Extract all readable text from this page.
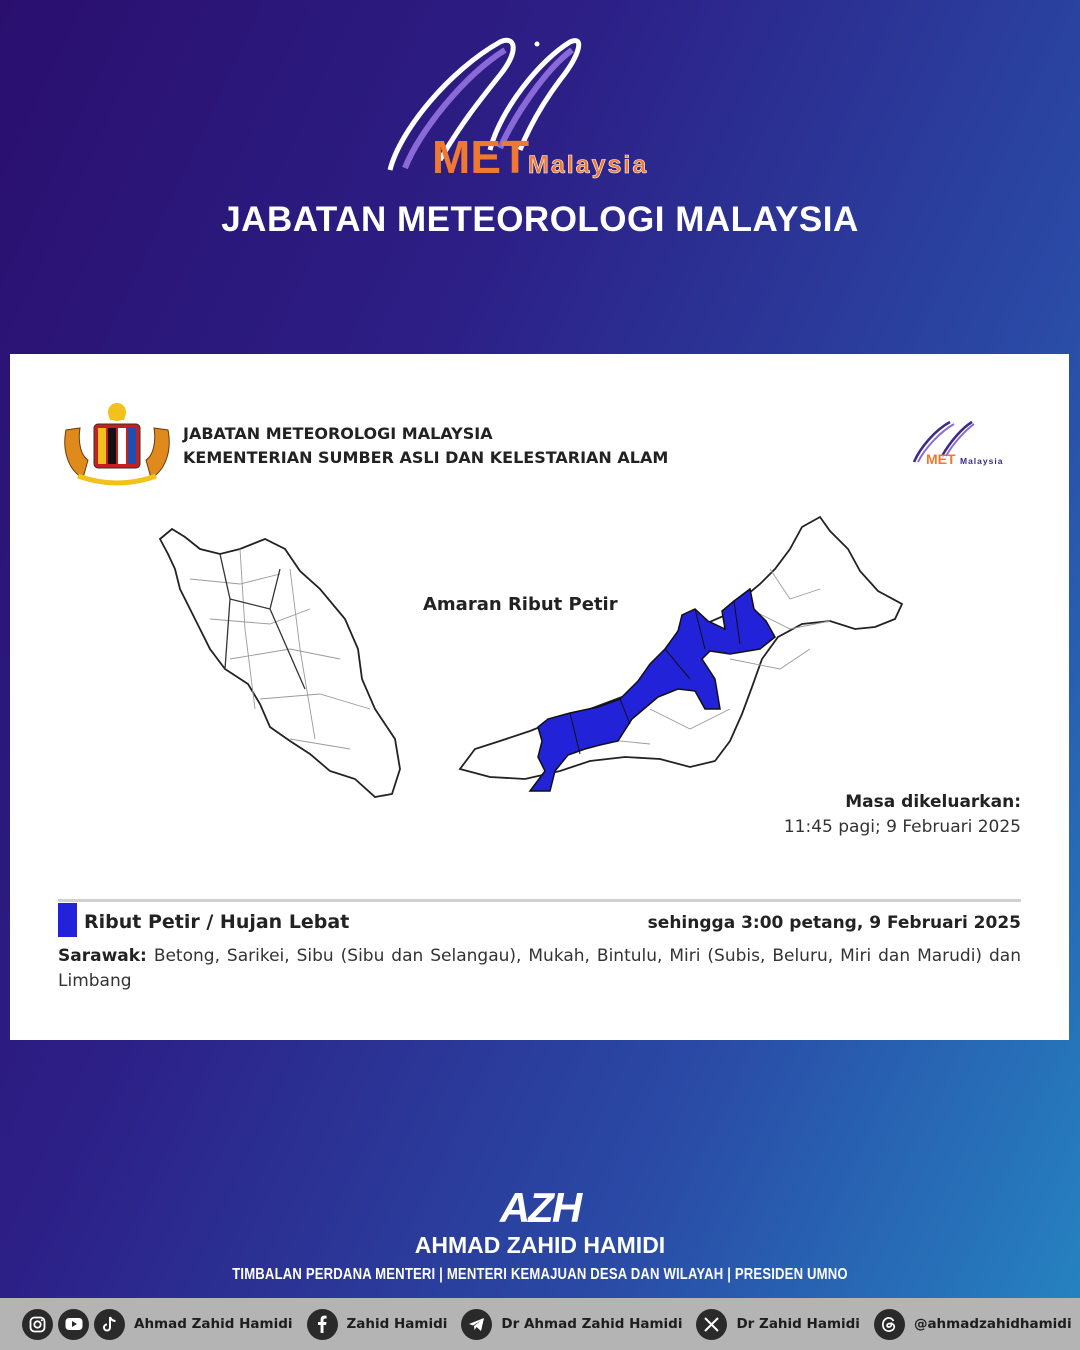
MET
Malaysia
JABATAN METEOROLOGI MALAYSIA
JABATAN METEOROLOGI MALAYSIA
KEMENTERIAN SUMBER ASLI DAN KELESTARIAN ALAM	MET Malaysia
Amaran Ribut Petir
Masa dikeluarkan:
11:45 pagi; 9 Februari 2025
Ribut Petir / Hujan Lebat	sehingga 3:00 petang, 9 Februari 2025
Sarawak: Betong, Sarikei, Sibu (Sibu dan Selangau), Mukah, Bintulu, Miri (Subis, Beluru, Miri dan Marudi) dan Limbang
AZH
AHMAD ZAHID HAMIDI
TIMBALAN PERDANA MENTERI | MENTERI KEMAJUAN DESA DAN WILAYAH | PRESIDEN UMNO
Ahmad Zahid Hamidi	Zahid Hamidi	Dr Ahmad Zahid Hamidi	Dr Zahid Hamidi	@ahmadzahidhamidi
